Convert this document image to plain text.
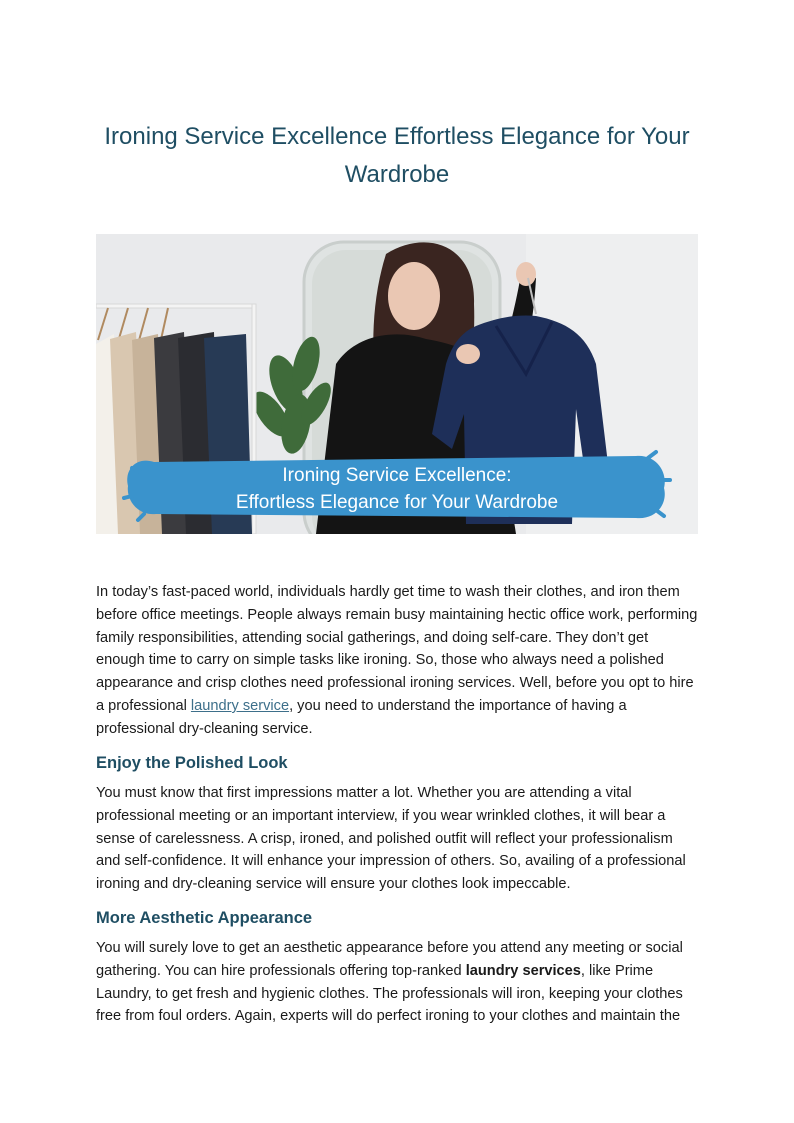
Ironing Service Excellence Effortless Elegance for Your Wardrobe
Ironing Service Excellence:
Effortless Elegance for Your Wardrobe

In today’s fast-paced world, individuals hardly get time to wash their clothes, and iron them before office meetings. People always remain busy maintaining hectic office work, performing family responsibilities, attending social gatherings, and doing self-care. They don’t get enough time to carry on simple tasks like ironing. So, those who always need a polished appearance and crisp clothes need professional ironing services. Well, before you opt to hire a professional laundry service, you need to understand the importance of having a professional dry-cleaning service.

Enjoy the Polished Look

You must know that first impressions matter a lot. Whether you are attending a vital professional meeting or an important interview, if you wear wrinkled clothes, it will bear a sense of carelessness. A crisp, ironed, and polished outfit will reflect your professionalism and self-confidence. It will enhance your impression of others. So, availing of a professional ironing and dry-cleaning service will ensure your clothes look impeccable.

More Aesthetic Appearance

You will surely love to get an aesthetic appearance before you attend any meeting or social gathering. You can hire professionals offering top-ranked laundry services, like Prime Laundry, to get fresh and hygienic clothes. The professionals will iron, keeping your clothes free from foul orders. Again, experts will do perfect ironing to your clothes and maintain the
